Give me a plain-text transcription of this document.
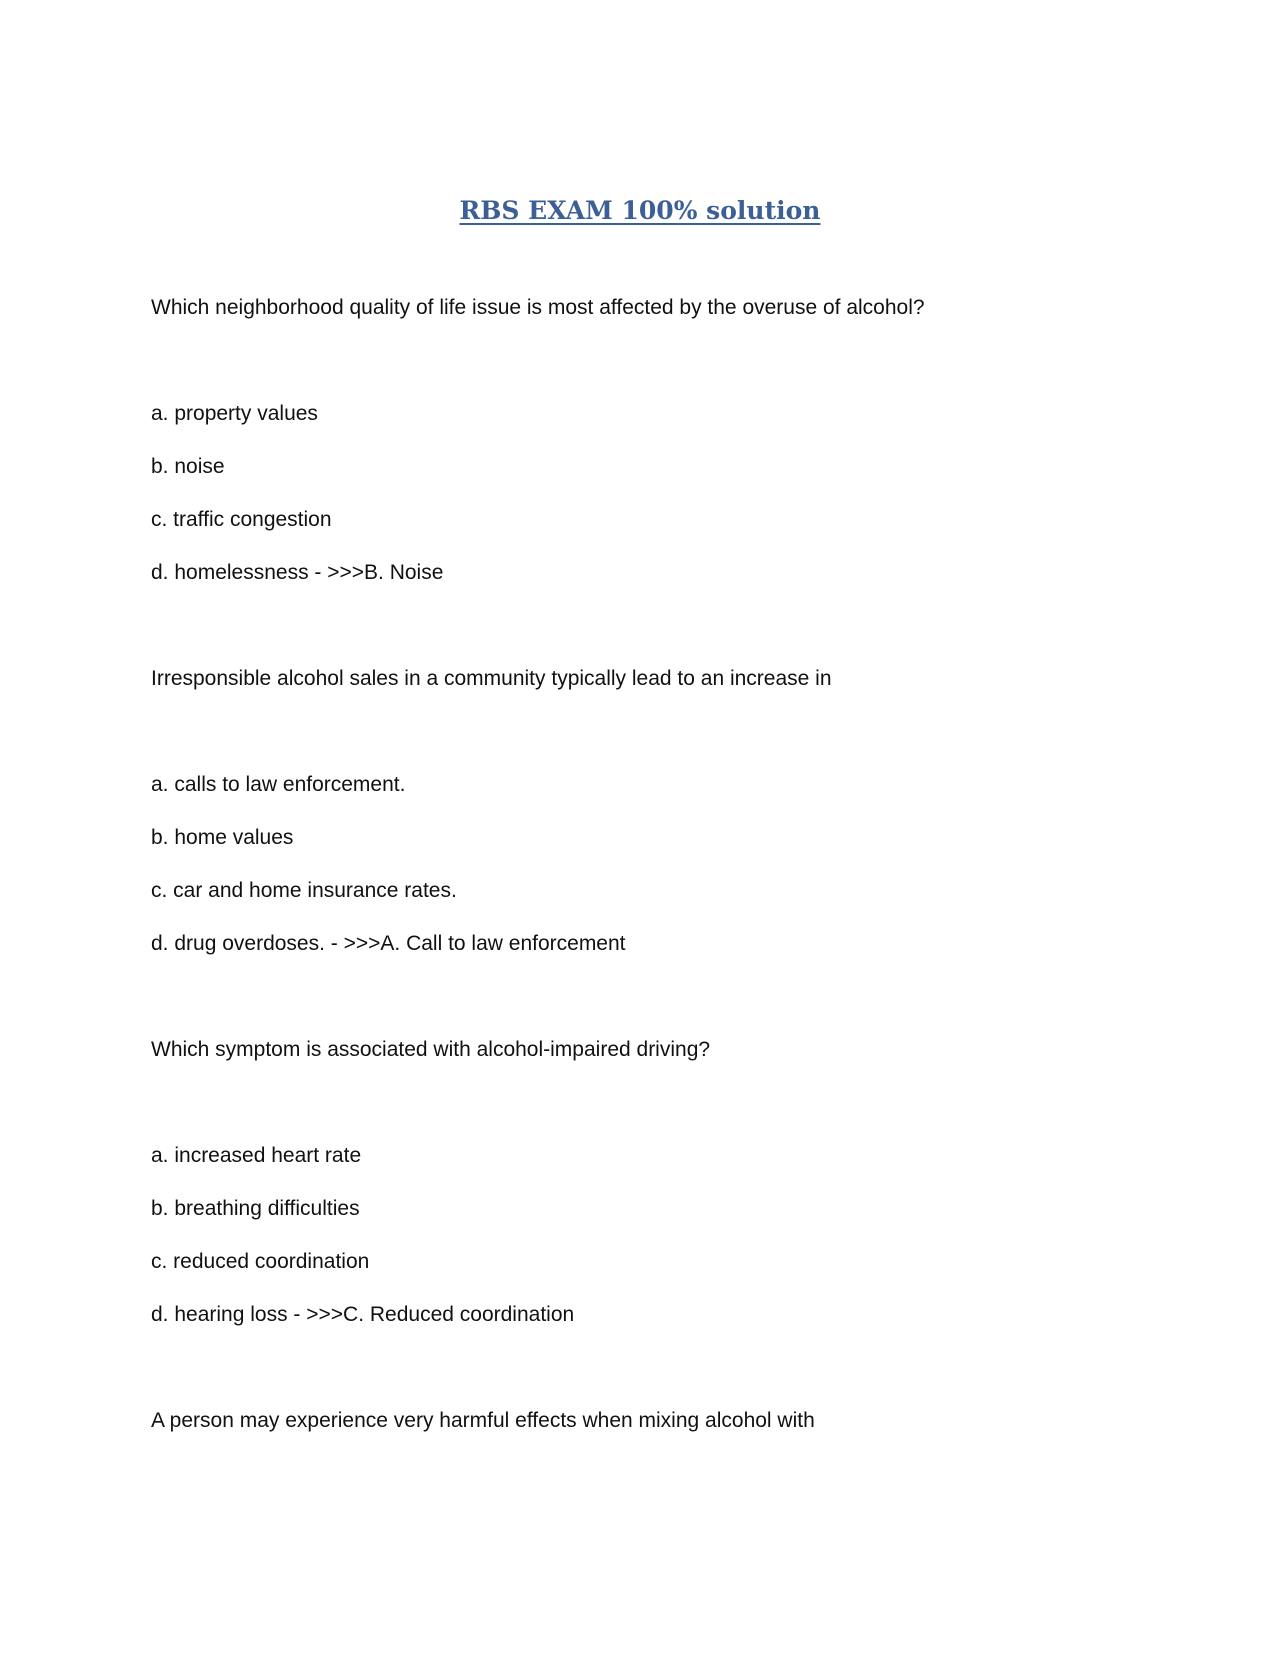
RBS EXAM 100% solution

Which neighborhood quality of life issue is most affected by the overuse of alcohol?

a. property values

b. noise

c. traffic congestion

d. homelessness - >>>B. Noise

Irresponsible alcohol sales in a community typically lead to an increase in

a. calls to law enforcement.

b. home values

c. car and home insurance rates.

d. drug overdoses. - >>>A. Call to law enforcement

Which symptom is associated with alcohol-impaired driving?

a. increased heart rate

b. breathing difficulties

c. reduced coordination

d. hearing loss - >>>C. Reduced coordination

A person may experience very harmful effects when mixing alcohol with
